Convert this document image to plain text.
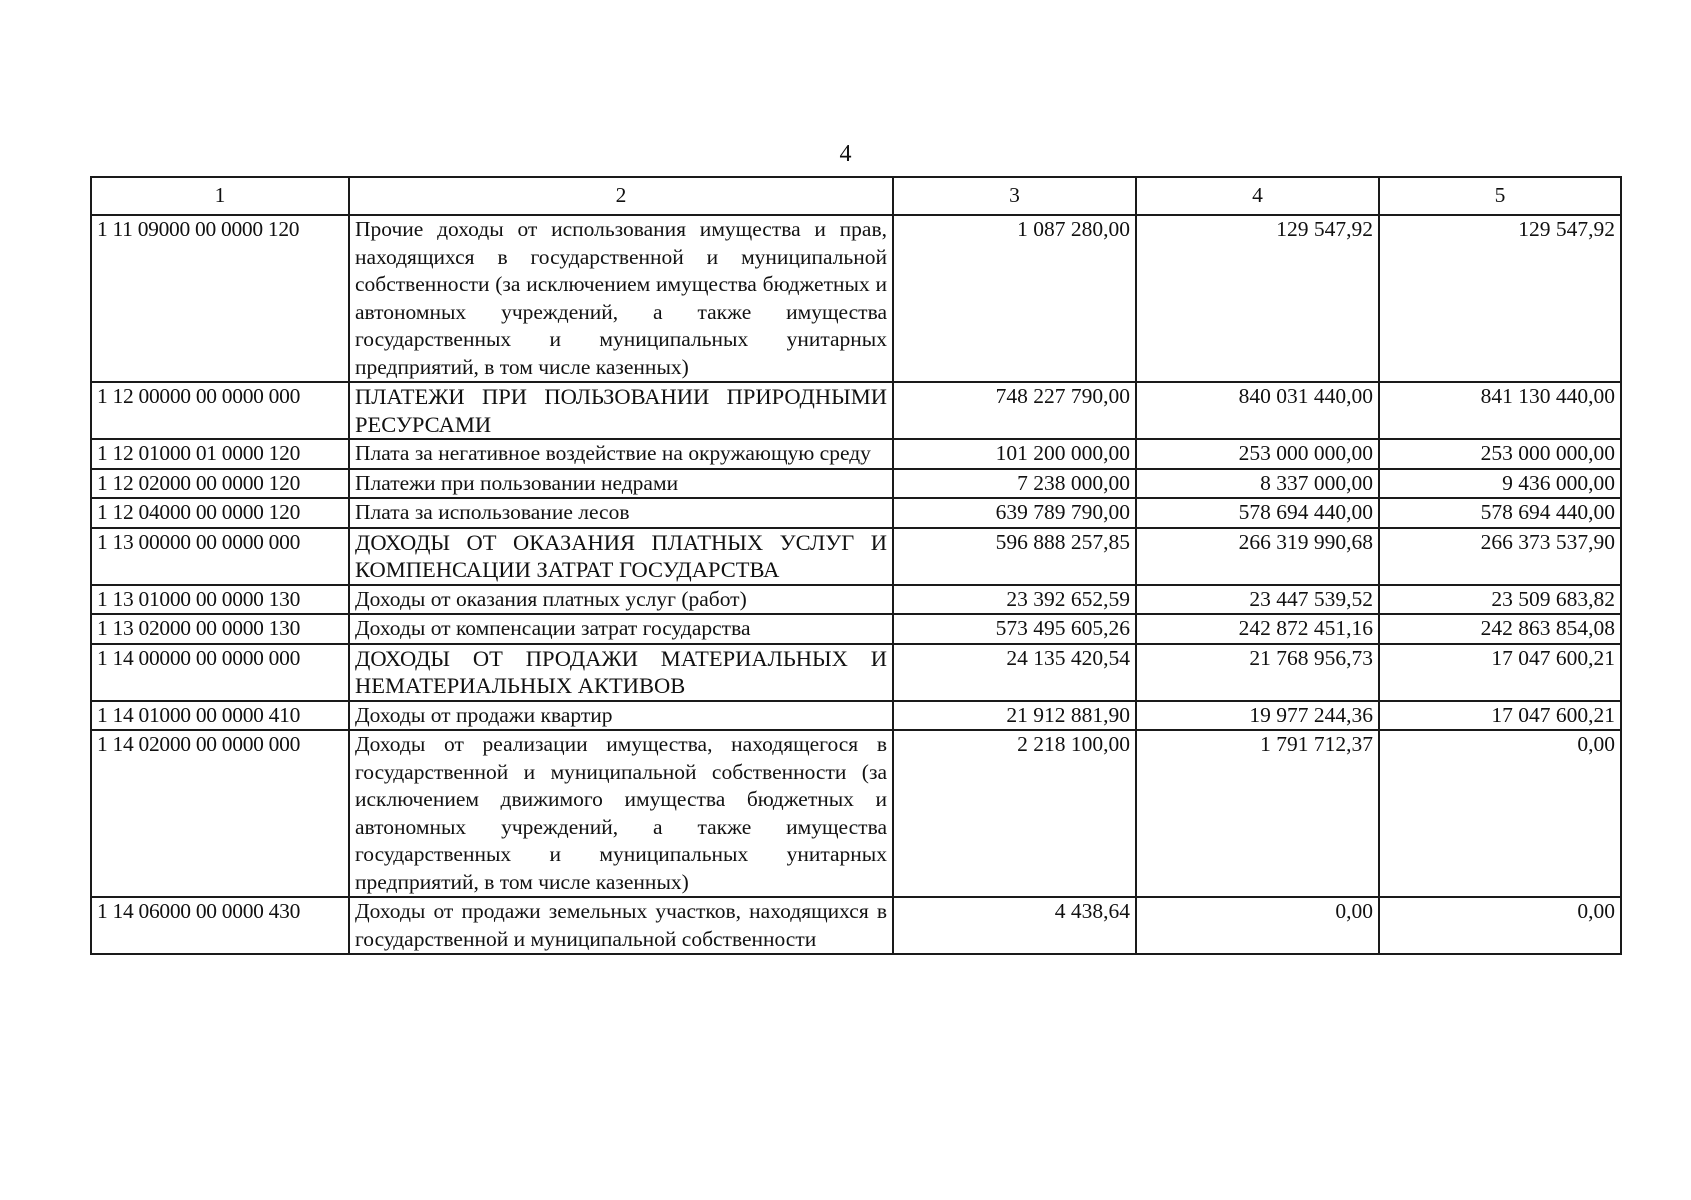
4
1	2	3	4	5
1 11 09000 00 0000 120	Прочие доходы от использования имущества и прав, находящихся в государственной и муниципальной собственности (за исключением имущества бюджетных и автономных учреждений, а также имущества государственных и муниципальных унитарных предприятий, в том числе казенных)	1 087 280,00	129 547,92	129 547,92
1 12 00000 00 0000 000	ПЛАТЕЖИ ПРИ ПОЛЬЗОВАНИИ ПРИРОДНЫМИ РЕСУРСАМИ	748 227 790,00	840 031 440,00	841 130 440,00
1 12 01000 01 0000 120	Плата за негативное воздействие на окружающую среду	101 200 000,00	253 000 000,00	253 000 000,00
1 12 02000 00 0000 120	Платежи при пользовании недрами	7 238 000,00	8 337 000,00	9 436 000,00
1 12 04000 00 0000 120	Плата за использование лесов	639 789 790,00	578 694 440,00	578 694 440,00
1 13 00000 00 0000 000	ДОХОДЫ ОТ ОКАЗАНИЯ ПЛАТНЫХ УСЛУГ И КОМПЕНСАЦИИ ЗАТРАТ ГОСУДАРСТВА	596 888 257,85	266 319 990,68	266 373 537,90
1 13 01000 00 0000 130	Доходы от оказания платных услуг (работ)	23 392 652,59	23 447 539,52	23 509 683,82
1 13 02000 00 0000 130	Доходы от компенсации затрат государства	573 495 605,26	242 872 451,16	242 863 854,08
1 14 00000 00 0000 000	ДОХОДЫ ОТ ПРОДАЖИ МАТЕРИАЛЬНЫХ И НЕМАТЕРИАЛЬНЫХ АКТИВОВ	24 135 420,54	21 768 956,73	17 047 600,21
1 14 01000 00 0000 410	Доходы от продажи квартир	21 912 881,90	19 977 244,36	17 047 600,21
1 14 02000 00 0000 000	Доходы от реализации имущества, находящегося в государственной и муниципальной собственности (за исключением движимого имущества бюджетных и автономных учреждений, а также имущества государственных и муниципальных унитарных предприятий, в том числе казенных)	2 218 100,00	1 791 712,37	0,00
1 14 06000 00 0000 430	Доходы от продажи земельных участков, находящихся в государственной и муниципальной собственности	4 438,64	0,00	0,00
